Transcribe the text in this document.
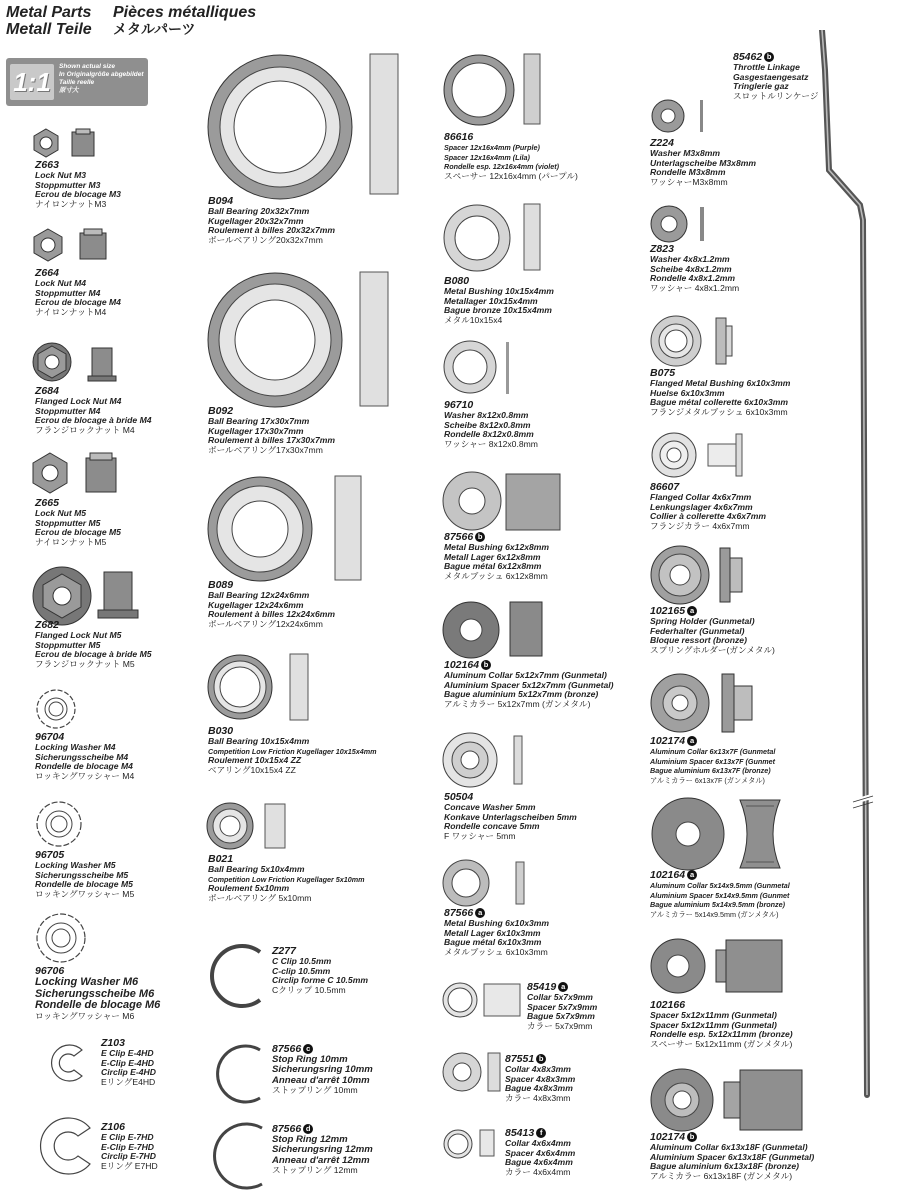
Metal Parts Pièces métalliques
Metall Teile メタルパーツ
1:1
Shown actual size
In Originalgröße abgebildet
Taille reelle
原寸大
Z663
Lock Nut M3
Stoppmutter M3
Ecrou de blocage M3
ナイロンナットM3
Z664
Lock Nut M4
Stoppmutter M4
Ecrou de blocage M4
ナイロンナットM4
Z684
Flanged Lock Nut M4
Stoppmutter M4
Ecrou de blocage à bride M4
フランジロックナット M4
Z665
Lock Nut M5
Stoppmutter M5
Ecrou de blocage M5
ナイロンナットM5
Z682
Flanged Lock Nut M5
Stoppmutter M5
Ecrou de blocage à bride M5
フランジロックナット M5
96704
Locking Washer M4
Sicherungsscheibe M4
Rondelle de blocage M4
ロッキングワッシャー M4
96705
Locking Washer M5
Sicherungsscheibe M5
Rondelle de blocage M5
ロッキングワッシャー M5
96706
Locking Washer M6
Sicherungsscheibe M6
Rondelle de blocage M6
ロッキングワッシャー M6
Z103
E Clip E-4HD
E-Clip E-4HD
Circlip E-4HD
EリングE4HD
Z106
E Clip E-7HD
E-Clip E-7HD
Circlip E-7HD
Eリング E7HD
B094
Ball Bearing 20x32x7mm
Kugellager 20x32x7mm
Roulement à billes 20x32x7mm
ボールベアリング20x32x7mm
B092
Ball Bearing 17x30x7mm
Kugellager 17x30x7mm
Roulement à billes 17x30x7mm
ボールベアリング17x30x7mm
B089
Ball Bearing 12x24x6mm
Kugellager 12x24x6mm
Roulement à billes 12x24x6mm
ボールベアリング12x24x6mm
B030
Ball Bearing 10x15x4mm
Competition Low Friction Kugellager 10x15x4mm
Roulement 10x15x4 ZZ
ベアリング10x15x4 ZZ
B021
Ball Bearing 5x10x4mm
Competition Low Friction Kugellager 5x10mm
Roulement 5x10mm
ボールベアリング 5x10mm
Z277
C Clip 10.5mm
C-clip 10.5mm
Circlip forme C 10.5mm
Cクリップ 10.5mm
87566 c
Stop Ring 10mm
Sicherungsring 10mm
Anneau d'arrêt 10mm
ストップリング 10mm
87566 d
Stop Ring 12mm
Sicherungsring 12mm
Anneau d'arrêt 12mm
ストップリング 12mm
86616
Spacer 12x16x4mm (Purple)
Spacer 12x16x4mm (Lila)
Rondelle esp. 12x16x4mm (violet)
スペーサー 12x16x4mm (パープル)
B080
Metal Bushing 10x15x4mm
Metallager 10x15x4mm
Bague bronze 10x15x4mm
メタル10x15x4
96710
Washer 8x12x0.8mm
Scheibe 8x12x0.8mm
Rondelle 8x12x0.8mm
ワッシャー 8x12x0.8mm
87566 b
Metal Bushing 6x12x8mm
Metall Lager 6x12x8mm
Bague métal 6x12x8mm
メタルブッシュ 6x12x8mm
102164 b
Aluminum Collar 5x12x7mm (Gunmetal)
Aluminium Spacer 5x12x7mm (Gunmetal)
Bague aluminium 5x12x7mm (bronze)
アルミカラー 5x12x7mm (ガンメタル)
50504
Concave Washer 5mm
Konkave Unterlagscheiben 5mm
Rondelle concave 5mm
F ワッシャー 5mm
87566 a
Metal Bushing 6x10x3mm
Metall Lager 6x10x3mm
Bague métal 6x10x3mm
メタルブッシュ 6x10x3mm
85419 a
Collar 5x7x9mm
Spacer 5x7x9mm
Bague 5x7x9mm
カラー 5x7x9mm
87551 b
Collar 4x8x3mm
Spacer 4x8x3mm
Bague 4x8x3mm
カラー 4x8x3mm
85413 f
Collar 4x6x4mm
Spacer 4x6x4mm
Bague 4x6x4mm
カラー 4x6x4mm
85462 b
Throttle Linkage
Gasgestaengesatz
Tringlerie gaz
スロットルリンケージ
Z224
Washer M3x8mm
Unterlagscheibe M3x8mm
Rondelle M3x8mm
ワッシャーM3x8mm
Z823
Washer 4x8x1.2mm
Scheibe 4x8x1.2mm
Rondelle 4x8x1.2mm
ワッシャー 4x8x1.2mm
B075
Flanged Metal Bushing 6x10x3mm
Huelse 6x10x3mm
Bague métal collerette 6x10x3mm
フランジメタルブッシュ 6x10x3mm
86607
Flanged Collar 4x6x7mm
Lenkungslager 4x6x7mm
Collier à collerette 4x6x7mm
フランジカラー 4x6x7mm
102165 a
Spring Holder (Gunmetal)
Federhalter (Gunmetal)
Bloque ressort (bronze)
スプリングホルダー(ガンメタル)
102174 a
Aluminum Collar 6x13x7F (Gunmetal
Aluminium Spacer 6x13x7F (Gunmet
Bague aluminium 6x13x7F (bronze)
アルミカラー 6x13x7F (ガンメタル)
102164 a
Aluminum Collar 5x14x9.5mm (Gunmetal
Aluminium Spacer 5x14x9.5mm (Gunmet
Bague aluminium 5x14x9.5mm (bronze)
アルミカラー 5x14x9.5mm (ガンメタル)
102166
Spacer 5x12x11mm (Gunmetal)
Spacer 5x12x11mm (Gunmetal)
Rondelle esp. 5x12x11mm (bronze)
スペーサー 5x12x11mm (ガンメタル)
102174 b
Aluminum Collar 6x13x18F (Gunmetal)
Aluminium Spacer 6x13x18F (Gunmetal)
Bague aluminium 6x13x18F (bronze)
アルミカラー 6x13x18F (ガンメタル)
